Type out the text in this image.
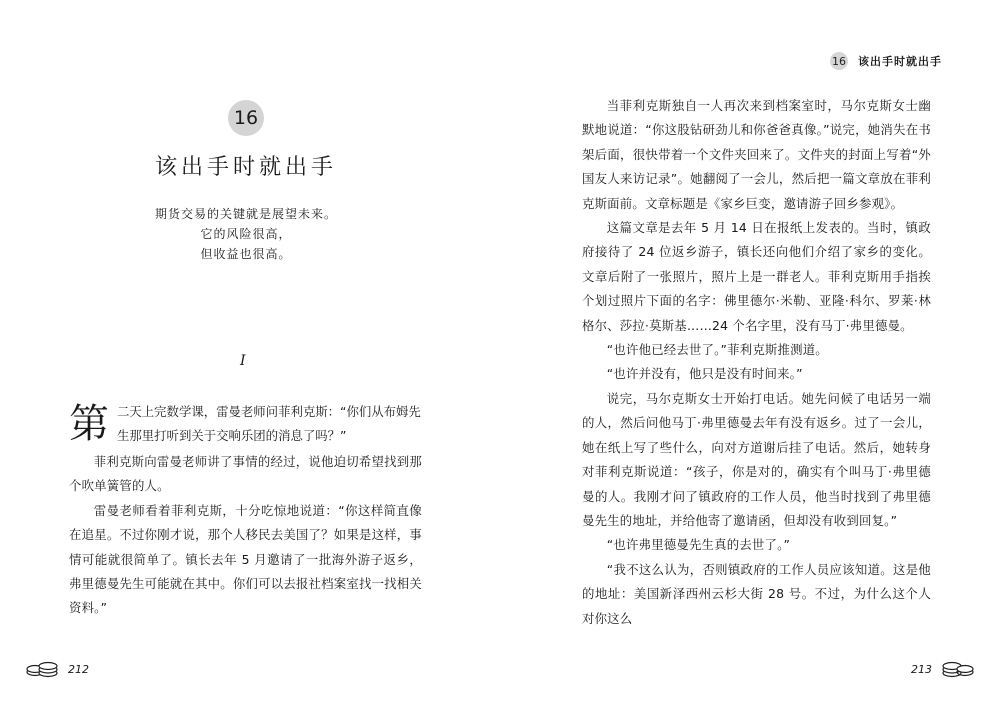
16
该出手时就出手
期货交易的关键就是展望未来。
它的风险很高，
但收益也很高。
I
第 二天上完数学课，雷曼老师问菲利克斯：“你们从布姆先生那里打听到关于交响乐团的消息了吗？”

菲利克斯向雷曼老师讲了事情的经过，说他迫切希望找到那个吹单簧管的人。

雷曼老师看着菲利克斯，十分吃惊地说道：“你这样简直像在追星。不过你刚才说，那个人移民去美国了？如果是这样，事情可能就很简单了。镇长去年 5 月邀请了一批海外游子返乡，弗里德曼先生可能就在其中。你们可以去报社档案室找一找相关资料。”

212
16 该出手时就出手

当菲利克斯独自一人再次来到档案室时，马尔克斯女士幽默地说道：“你这股钻研劲儿和你爸爸真像。”说完，她消失在书架后面，很快带着一个文件夹回来了。文件夹的封面上写着“外国友人来访记录”。她翻阅了一会儿，然后把一篇文章放在菲利克斯面前。文章标题是《家乡巨变，邀请游子回乡参观》。

这篇文章是去年 5 月 14 日在报纸上发表的。当时，镇政府接待了 24 位返乡游子，镇长还向他们介绍了家乡的变化。文章后附了一张照片，照片上是一群老人。菲利克斯用手指挨个划过照片下面的名字：佛里德尔·米勒、亚隆·科尔、罗莱·林格尔、莎拉·莫斯基……24 个名字里，没有马丁·弗里德曼。

“也许他已经去世了。”菲利克斯推测道。

“也许并没有，他只是没有时间来。”

说完，马尔克斯女士开始打电话。她先问候了电话另一端的人，然后问他马丁·弗里德曼去年有没有返乡。过了一会儿，她在纸上写了些什么，向对方道谢后挂了电话。然后，她转身对菲利克斯说道：“孩子，你是对的，确实有个叫马丁·弗里德曼的人。我刚才问了镇政府的工作人员，他当时找到了弗里德曼先生的地址，并给他寄了邀请函，但却没有收到回复。”

“也许弗里德曼先生真的去世了。”

“我不这么认为，否则镇政府的工作人员应该知道。这是他的地址：美国新泽西州云杉大街 28 号。不过，为什么这个人对你这么

213
